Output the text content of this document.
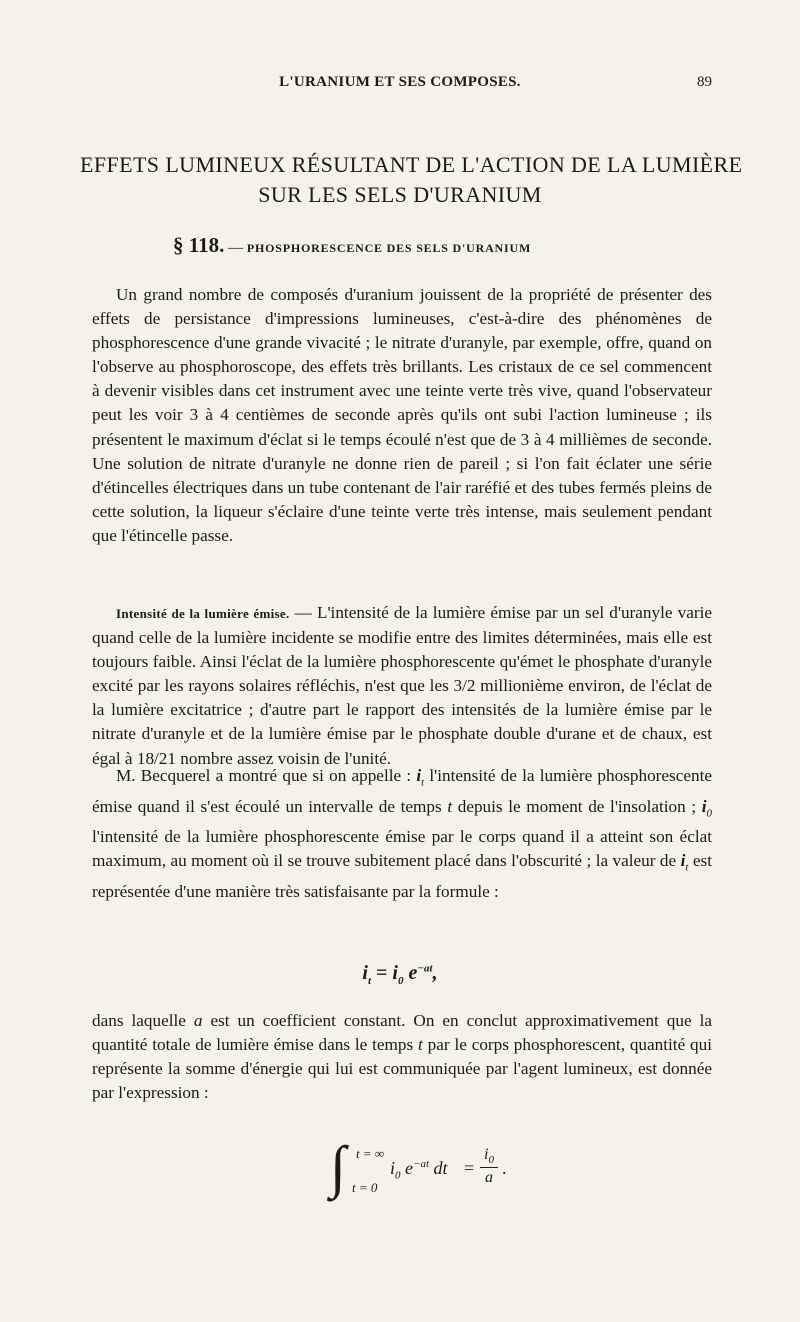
L'URANIUM ET SES COMPOSES.	89
EFFETS LUMINEUX RÉSULTANT DE L'ACTION DE LA LUMIÈRE
SUR LES SELS D'URANIUM
§ 118. — PHOSPHORESCENCE DES SELS D'URANIUM

Un grand nombre de composés d'uranium jouissent de la propriété de présenter des effets de persistance d'impressions lumineuses, c'est-à-dire des phénomènes de phosphorescence d'une grande vivacité ; le nitrate d'uranyle, par exemple, offre, quand on l'observe au phosphoroscope, des effets très brillants. Les cristaux de ce sel commencent à devenir visibles dans cet instrument avec une teinte verte très vive, quand l'observateur peut les voir 3 à 4 centièmes de seconde après qu'ils ont subi l'action lumineuse ; ils présentent le maximum d'éclat si le temps écoulé n'est que de 3 à 4 millièmes de seconde. Une solution de nitrate d'uranyle ne donne rien de pareil ; si l'on fait éclater une série d'étincelles électriques dans un tube contenant de l'air raréfié et des tubes fermés pleins de cette solution, la liqueur s'éclaire d'une teinte verte très intense, mais seulement pendant que l'étincelle passe.

Intensité de la lumière émise. — L'intensité de la lumière émise par un sel d'uranyle varie quand celle de la lumière incidente se modifie entre des limites déterminées, mais elle est toujours faible. Ainsi l'éclat de la lumière phosphorescente qu'émet le phosphate d'uranyle excité par les rayons solaires réfléchis, n'est que les 3/2 millionième environ, de l'éclat de la lumière excitatrice ; d'autre part le rapport des intensités de la lumière émise par le nitrate d'uranyle et de la lumière émise par le phosphate double d'urane et de chaux, est égal à 18/21 nombre assez voisin de l'unité.

M. Becquerel a montré que si on appelle : $i_t$ l'intensité de la lumière phosphorescente émise quand il s'est écoulé un intervalle de temps t depuis le moment de l'insolation ; $i_0$ l'intensité de la lumière phosphorescente émise par le corps quand il a atteint son éclat maximum, au moment où il se trouve subitement placé dans l'obscurité ; la valeur de $i_t$ est représentée d'une manière très satisfaisante par la formule :

$i_t = i_0$ $e^{-at}$,

dans laquelle a est un coefficient constant. On en conclut approximativement que la quantité totale de lumière émise dans le temps t par le corps phosphorescent, quantité qui représente la somme d'énergie qui lui est communiquée par l'agent lumineux, est donnée par l'expression :

∫ t = ∞
t = 0
$i_0$ $e^{-at}$ dt =
$i_0$
a .
